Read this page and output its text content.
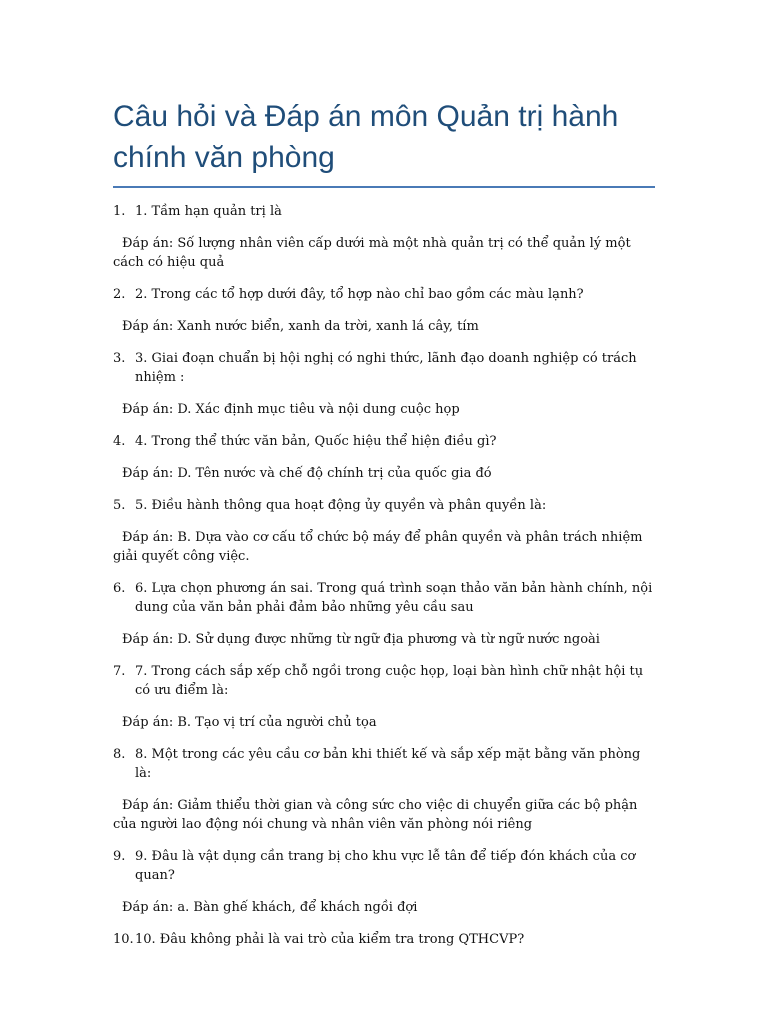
Câu hỏi và Đáp án môn Quản trị hành chính văn phòng
1. 1. Tầm hạn quản trị là
Đáp án: Số lượng nhân viên cấp dưới mà một nhà quản trị có thể quản lý một cách có hiệu quả
2. 2. Trong các tổ hợp dưới đây, tổ hợp nào chỉ bao gồm các màu lạnh?
Đáp án: Xanh nước biển, xanh da trời, xanh lá cây, tím
3. 3. Giai đoạn chuẩn bị hội nghị có nghi thức, lãnh đạo doanh nghiệp có trách nhiệm :
Đáp án: D. Xác định mục tiêu và nội dung cuộc họp
4. 4. Trong thể thức văn bản, Quốc hiệu thể hiện điều gì?
Đáp án: D. Tên nước và chế độ chính trị của quốc gia đó
5. 5. Điều hành thông qua hoạt động ủy quyền và phân quyền là:
Đáp án: B. Dựa vào cơ cấu tổ chức bộ máy để phân quyền và phân trách nhiệm giải quyết công việc.
6. 6. Lựa chọn phương án sai. Trong quá trình soạn thảo văn bản hành chính, nội dung của văn bản phải đảm bảo những yêu cầu sau
Đáp án: D. Sử dụng được những từ ngữ địa phương và từ ngữ nước ngoài
7. 7. Trong cách sắp xếp chỗ ngồi trong cuộc họp, loại bàn hình chữ nhật hội tụ có ưu điểm là:
Đáp án: B. Tạo vị trí của người chủ tọa
8. 8. Một trong các yêu cầu cơ bản khi thiết kế và sắp xếp mặt bằng văn phòng là:
Đáp án: Giảm thiểu thời gian và công sức cho việc di chuyển giữa các bộ phận của người lao động nói chung và nhân viên văn phòng nói riêng
9. 9. Đâu là vật dụng cần trang bị cho khu vực lễ tân để tiếp đón khách của cơ quan?
Đáp án: a. Bàn ghế khách, để khách ngồi đợi
10. 10. Đâu không phải là vai trò của kiểm tra trong QTHCVP?
